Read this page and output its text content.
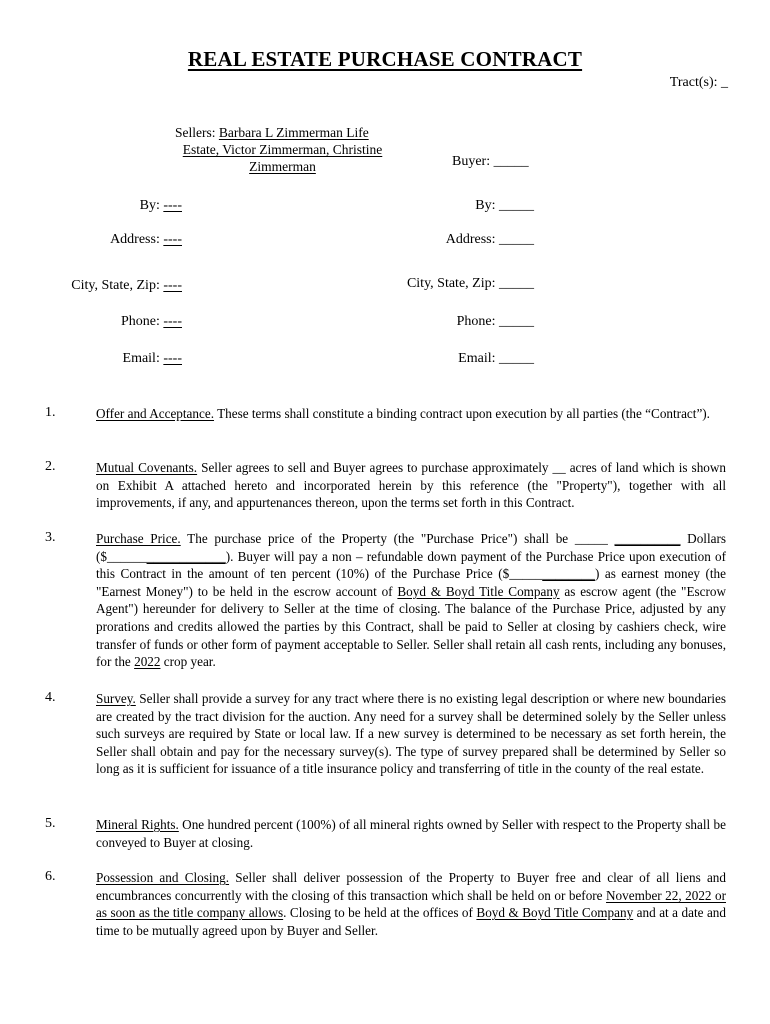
REAL ESTATE PURCHASE CONTRACT
Tract(s): _
Sellers: Barbara L Zimmerman Life
Estate, Victor Zimmerman, Christine
Zimmerman	Buyer: _____
By: ----
Address: ----
City, State, Zip: ----
Phone: ----
Email: ----
By: _____
Address: _____
City, State, Zip: _____
Phone: _____
Email: _____
1.	Offer and Acceptance. These terms shall constitute a binding contract upon execution by all parties (the “Contract”).
2.	Mutual Covenants. Seller agrees to sell and Buyer agrees to purchase approximately __ acres of land which is shown on Exhibit A attached hereto and incorporated herein by this reference (the "Property"), together with all improvements, if any, and appurtenances thereon, upon the terms set forth in this Contract.
3.	Purchase Price. The purchase price of the Property (the "Purchase Price") shall be _____ __________ Dollars ($__________________). Buyer will pay a non – refundable down payment of the Purchase Price upon execution of this Contract in the amount of ten percent (10%) of the Purchase Price ($_____________) as earnest money (the "Earnest Money") to be held in the escrow account of Boyd & Boyd Title Company as escrow agent (the "Escrow Agent") hereunder for delivery to Seller at the time of closing. The balance of the Purchase Price, adjusted by any prorations and credits allowed the parties by this Contract, shall be paid to Seller at closing by cashiers check, wire transfer of funds or other form of payment acceptable to Seller. Seller shall retain all cash rents, including any bonuses, for the 2022 crop year.
4.	Survey. Seller shall provide a survey for any tract where there is no existing legal description or where new boundaries are created by the tract division for the auction. Any need for a survey shall be determined solely by the Seller unless such surveys are required by State or local law. If a new survey is determined to be necessary as set forth herein, the Seller shall obtain and pay for the necessary survey(s). The type of survey prepared shall be determined by Seller so long as it is sufficient for issuance of a title insurance policy and transferring of title in the county of the real estate.
5.	Mineral Rights. One hundred percent (100%) of all mineral rights owned by Seller with respect to the Property shall be conveyed to Buyer at closing.
6.	Possession and Closing. Seller shall deliver possession of the Property to Buyer free and clear of all liens and encumbrances concurrently with the closing of this transaction which shall be held on or before November 22, 2022 or as soon as the title company allows. Closing to be held at the offices of Boyd & Boyd Title Company and at a date and time to be mutually agreed upon by Buyer and Seller.
